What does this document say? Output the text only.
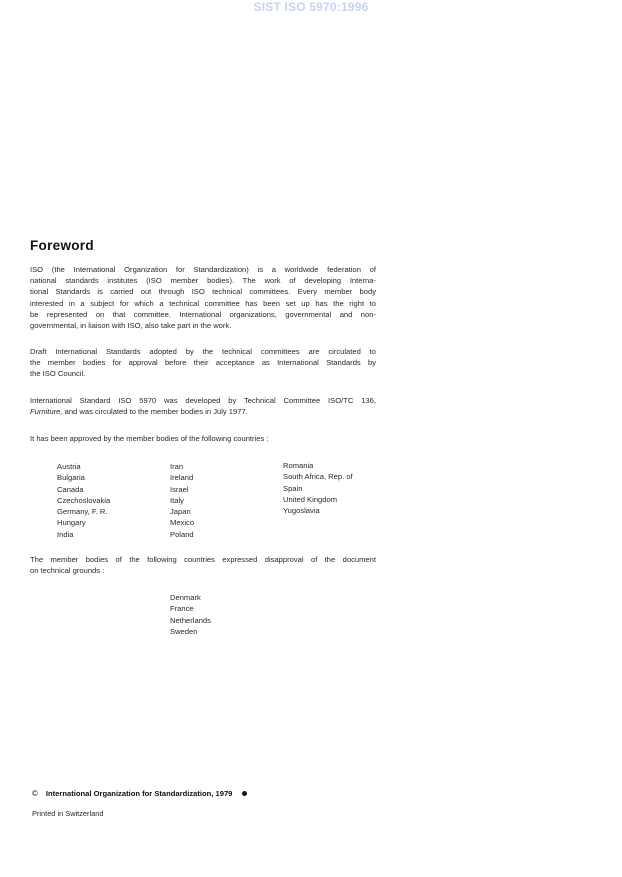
SIST ISO 5970:1996
Foreword
ISO (the International Organization for Standardization) is a worldwide federation of
national standards institutes (ISO member bodies). The work of developing Interna-
tional Standards is carried out through ISO technical committees. Every member body
interested in a subject for which a technical committee has been set up has the right to
be represented on that committee. International organizations, governmental and non-
governmental, in liaison with ISO, also take part in the work.
Draft International Standards adopted by the technical committees are circulated to
the member bodies for approval before their acceptance as International Standards by
the ISO Council.
International Standard ISO 5970 was developed by Technical Committee ISO/TC 136,
Furniture, and was circulated to the member bodies in July 1977.
It has been approved by the member bodies of the following countries :
Austria
Bulgaria
Canada
Czechoslovakia
Germany, F. R.
Hungary
India
Iran
Ireland
Israel
Italy
Japan
Mexico
Poland
Romania
South Africa, Rep. of
Spain
United Kingdom
Yugoslavia
The member bodies of the following countries expressed disapproval of the document
on technical grounds :
Denmark
France
Netherlands
Sweden
© International Organization for Standardization, 1979
Printed in Switzerland
